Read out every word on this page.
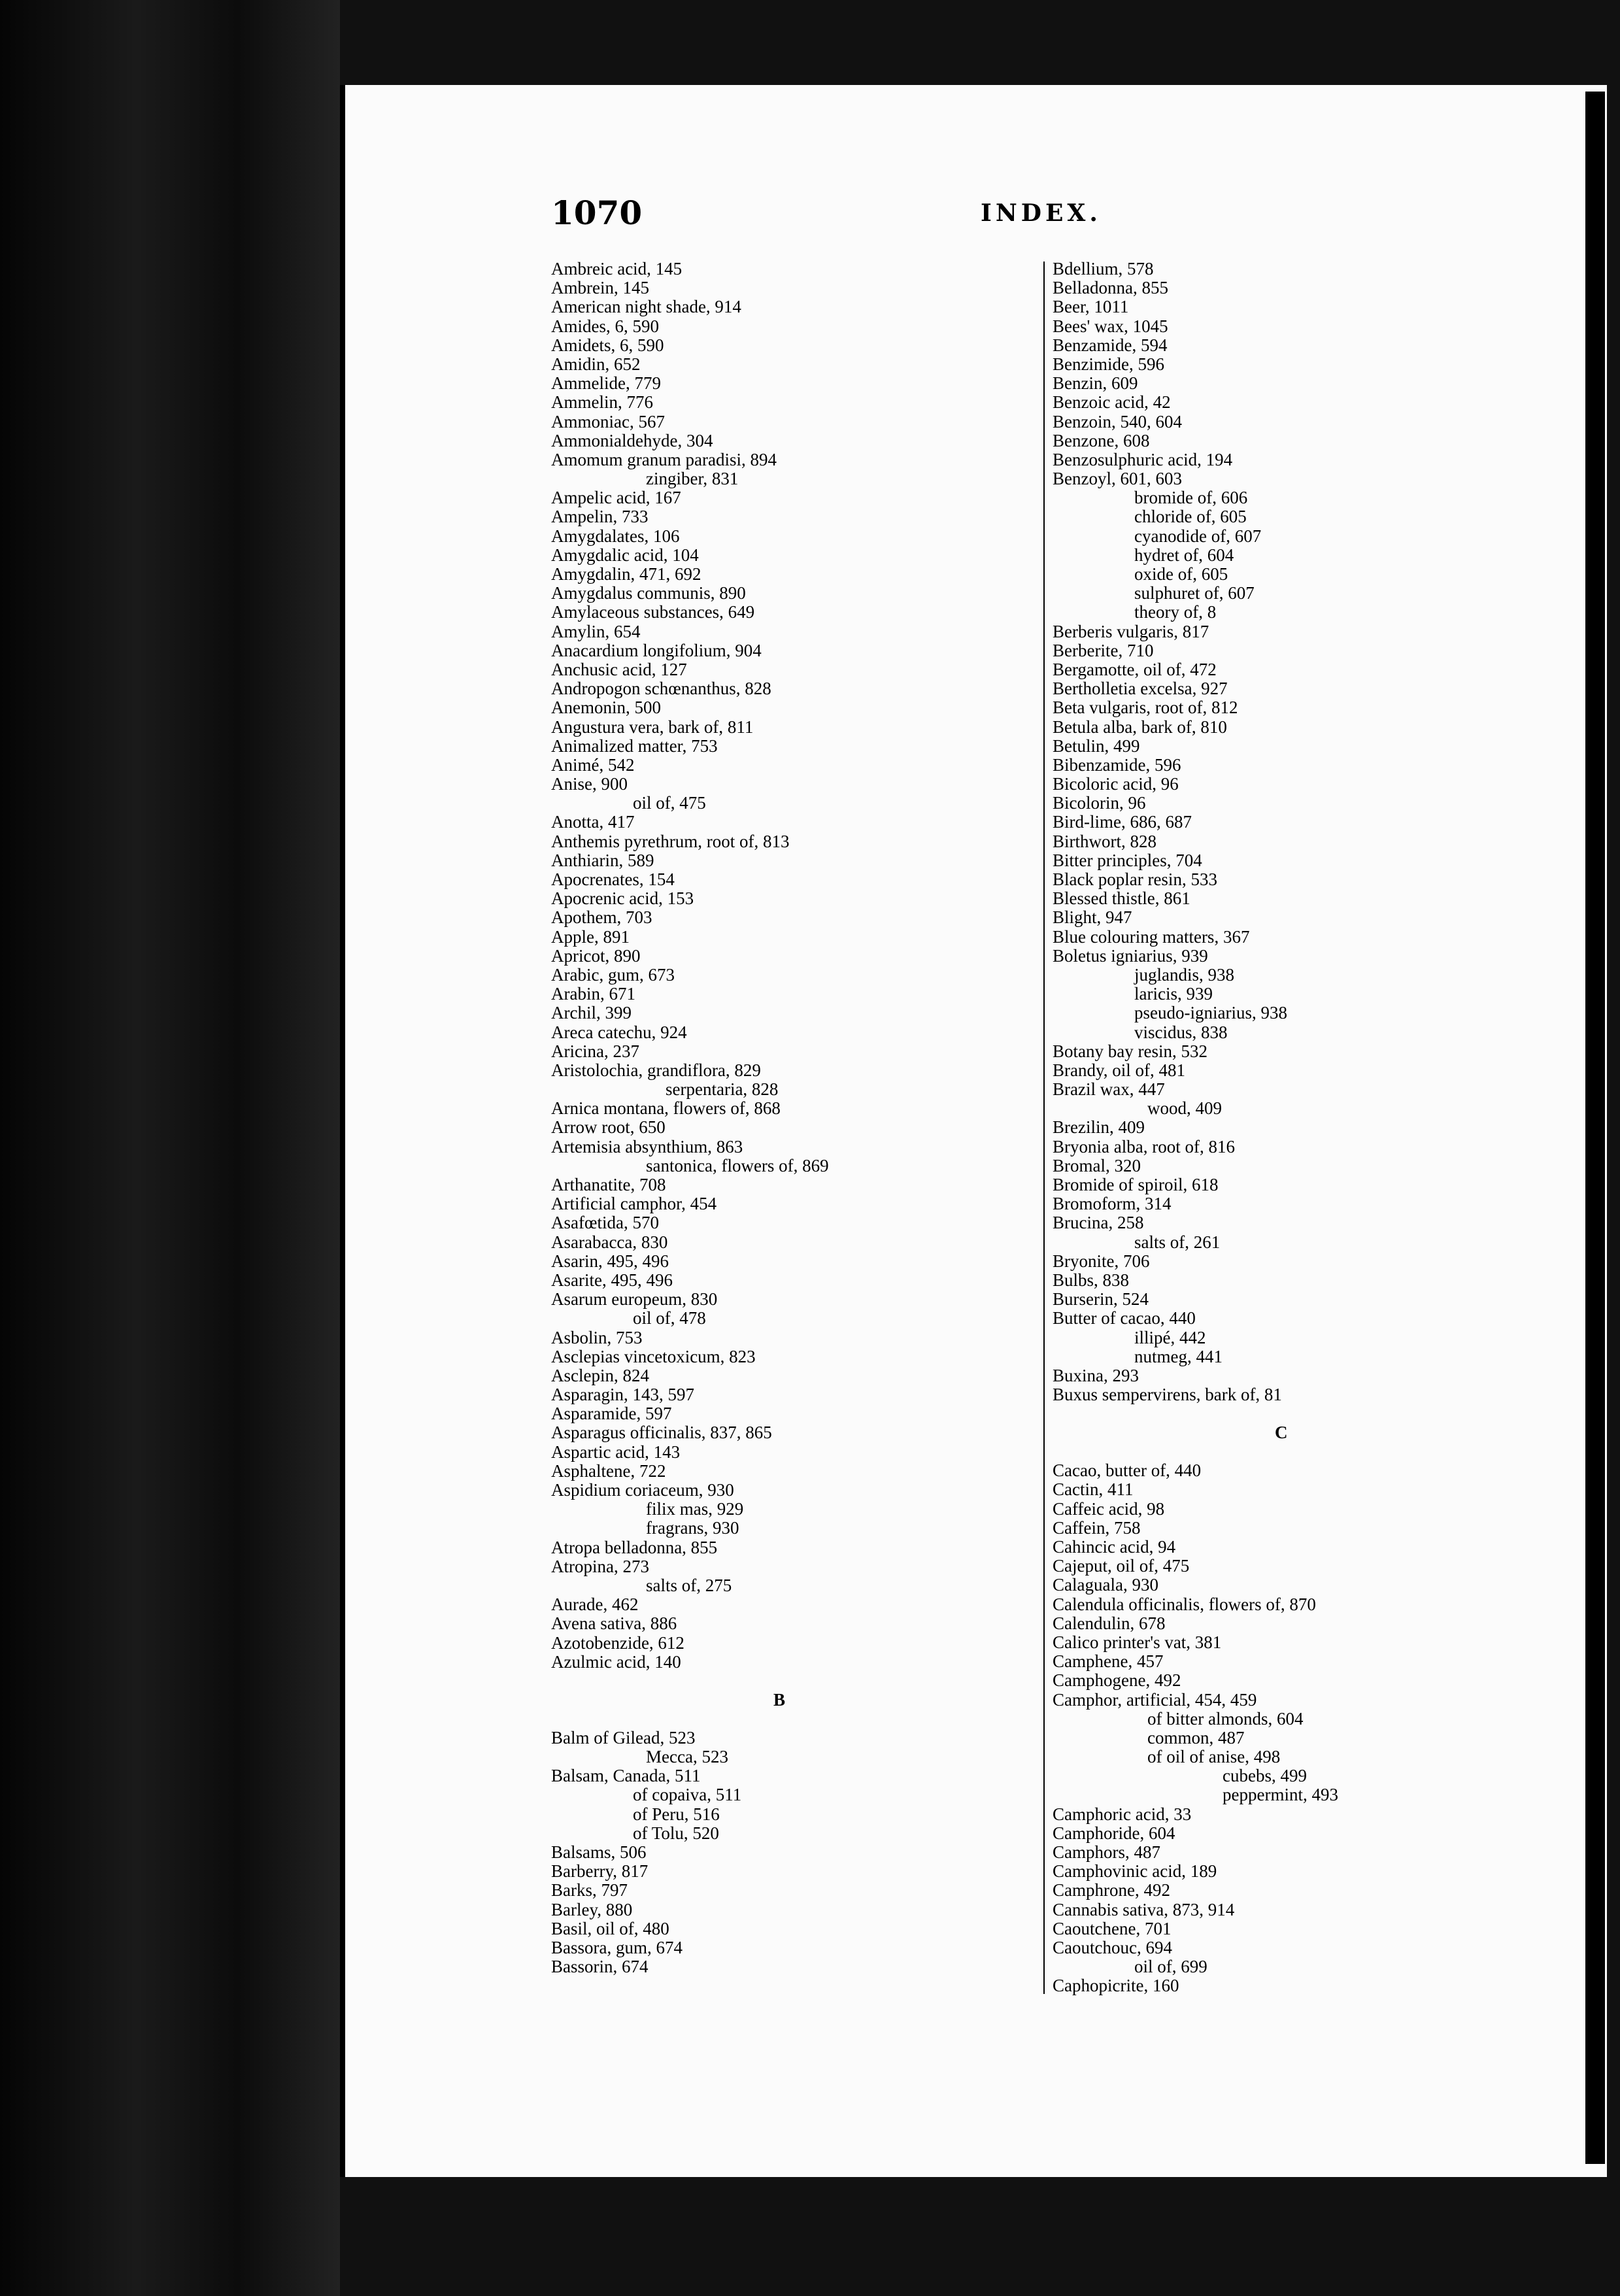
1070	INDEX.
Ambreic acid, 145
Ambrein, 145
American night shade, 914
Amides, 6, 590
Amidets, 6, 590
Amidin, 652
Ammelide, 779
Ammelin, 776
Ammoniac, 567
Ammonialdehyde, 304
Amomum granum paradisi, 894
zingiber, 831
Ampelic acid, 167
Ampelin, 733
Amygdalates, 106
Amygdalic acid, 104
Amygdalin, 471, 692
Amygdalus communis, 890
Amylaceous substances, 649
Amylin, 654
Anacardium longifolium, 904
Anchusic acid, 127
Andropogon schœnanthus, 828
Anemonin, 500
Angustura vera, bark of, 811
Animalized matter, 753
Animé, 542
Anise, 900
oil of, 475
Anotta, 417
Anthemis pyrethrum, root of, 813
Anthiarin, 589
Apocrenates, 154
Apocrenic acid, 153
Apothem, 703
Apple, 891
Apricot, 890
Arabic, gum, 673
Arabin, 671
Archil, 399
Areca catechu, 924
Aricina, 237
Aristolochia, grandiflora, 829
serpentaria, 828
Arnica montana, flowers of, 868
Arrow root, 650
Artemisia absynthium, 863
santonica, flowers of, 869
Arthanatite, 708
Artificial camphor, 454
Asafœtida, 570
Asarabacca, 830
Asarin, 495, 496
Asarite, 495, 496
Asarum europeum, 830
oil of, 478
Asbolin, 753
Asclepias vincetoxicum, 823
Asclepin, 824
Asparagin, 143, 597
Asparamide, 597
Asparagus officinalis, 837, 865
Aspartic acid, 143
Asphaltene, 722
Aspidium coriaceum, 930
filix mas, 929
fragrans, 930
Atropa belladonna, 855
Atropina, 273
salts of, 275
Aurade, 462
Avena sativa, 886
Azotobenzide, 612
Azulmic acid, 140
B
Balm of Gilead, 523
Mecca, 523
Balsam, Canada, 511
of copaiva, 511
of Peru, 516
of Tolu, 520
Balsams, 506
Barberry, 817
Barks, 797
Barley, 880
Basil, oil of, 480
Bassora, gum, 674
Bassorin, 674
Bdellium, 578
Belladonna, 855
Beer, 1011
Bees' wax, 1045
Benzamide, 594
Benzimide, 596
Benzin, 609
Benzoic acid, 42
Benzoin, 540, 604
Benzone, 608
Benzosulphuric acid, 194
Benzoyl, 601, 603
bromide of, 606
chloride of, 605
cyanodide of, 607
hydret of, 604
oxide of, 605
sulphuret of, 607
theory of, 8
Berberis vulgaris, 817
Berberite, 710
Bergamotte, oil of, 472
Bertholletia excelsa, 927
Beta vulgaris, root of, 812
Betula alba, bark of, 810
Betulin, 499
Bibenzamide, 596
Bicoloric acid, 96
Bicolorin, 96
Bird-lime, 686, 687
Birthwort, 828
Bitter principles, 704
Black poplar resin, 533
Blessed thistle, 861
Blight, 947
Blue colouring matters, 367
Boletus igniarius, 939
juglandis, 938
laricis, 939
pseudo-igniarius, 938
viscidus, 838
Botany bay resin, 532
Brandy, oil of, 481
Brazil wax, 447
wood, 409
Brezilin, 409
Bryonia alba, root of, 816
Bromal, 320
Bromide of spiroil, 618
Bromoform, 314
Brucina, 258
salts of, 261
Bryonite, 706
Bulbs, 838
Burserin, 524
Butter of cacao, 440
illipé, 442
nutmeg, 441
Buxina, 293
Buxus sempervirens, bark of, 81
C
Cacao, butter of, 440
Cactin, 411
Caffeic acid, 98
Caffein, 758
Cahincic acid, 94
Cajeput, oil of, 475
Calaguala, 930
Calendula officinalis, flowers of, 870
Calendulin, 678
Calico printer's vat, 381
Camphene, 457
Camphogene, 492
Camphor, artificial, 454, 459
of bitter almonds, 604
common, 487
of oil of anise, 498
cubebs, 499
peppermint, 493
Camphoric acid, 33
Camphoride, 604
Camphors, 487
Camphovinic acid, 189
Camphrone, 492
Cannabis sativa, 873, 914
Caoutchene, 701
Caoutchouc, 694
oil of, 699
Caphopicrite, 160
